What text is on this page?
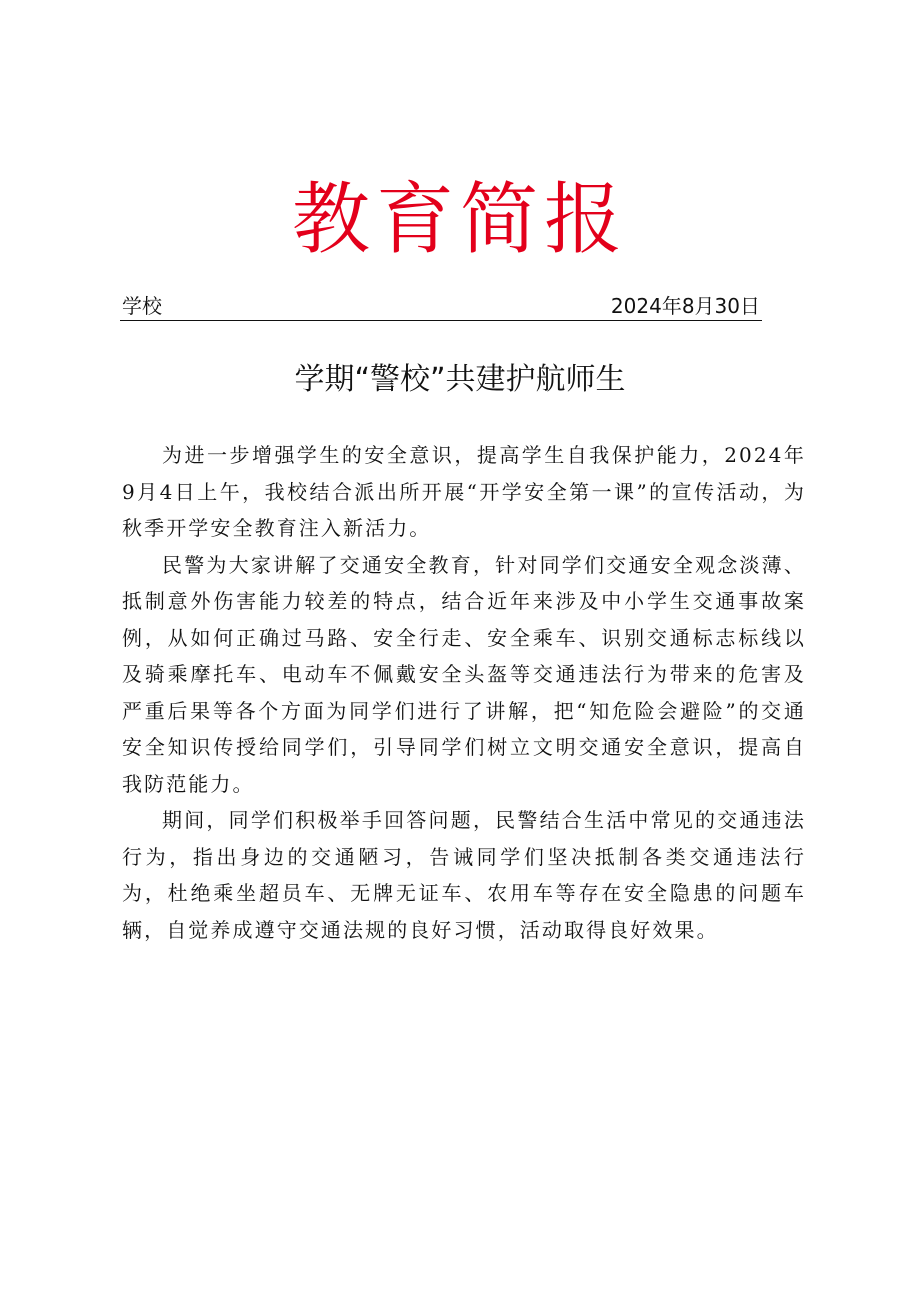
教育简报
学校	2024年8月30日
学期“警校”共建护航师生

为进一步增强学生的安全意识，提高学生自我保护能力，2024年9月4日上午，我校结合派出所开展“开学安全第一课”的宣传活动，为秋季开学安全教育注入新活力。

民警为大家讲解了交通安全教育，针对同学们交通安全观念淡薄、抵制意外伤害能力较差的特点，结合近年来涉及中小学生交通事故案例，从如何正确过马路、安全行走、安全乘车、识别交通标志标线以及骑乘摩托车、电动车不佩戴安全头盔等交通违法行为带来的危害及严重后果等各个方面为同学们进行了讲解，把“知危险会避险”的交通安全知识传授给同学们，引导同学们树立文明交通安全意识，提高自我防范能力。

期间，同学们积极举手回答问题，民警结合生活中常见的交通违法行为，指出身边的交通陋习，告诫同学们坚决抵制各类交通违法行为，杜绝乘坐超员车、无牌无证车、农用车等存在安全隐患的问题车辆，自觉养成遵守交通法规的良好习惯，活动取得良好效果。
